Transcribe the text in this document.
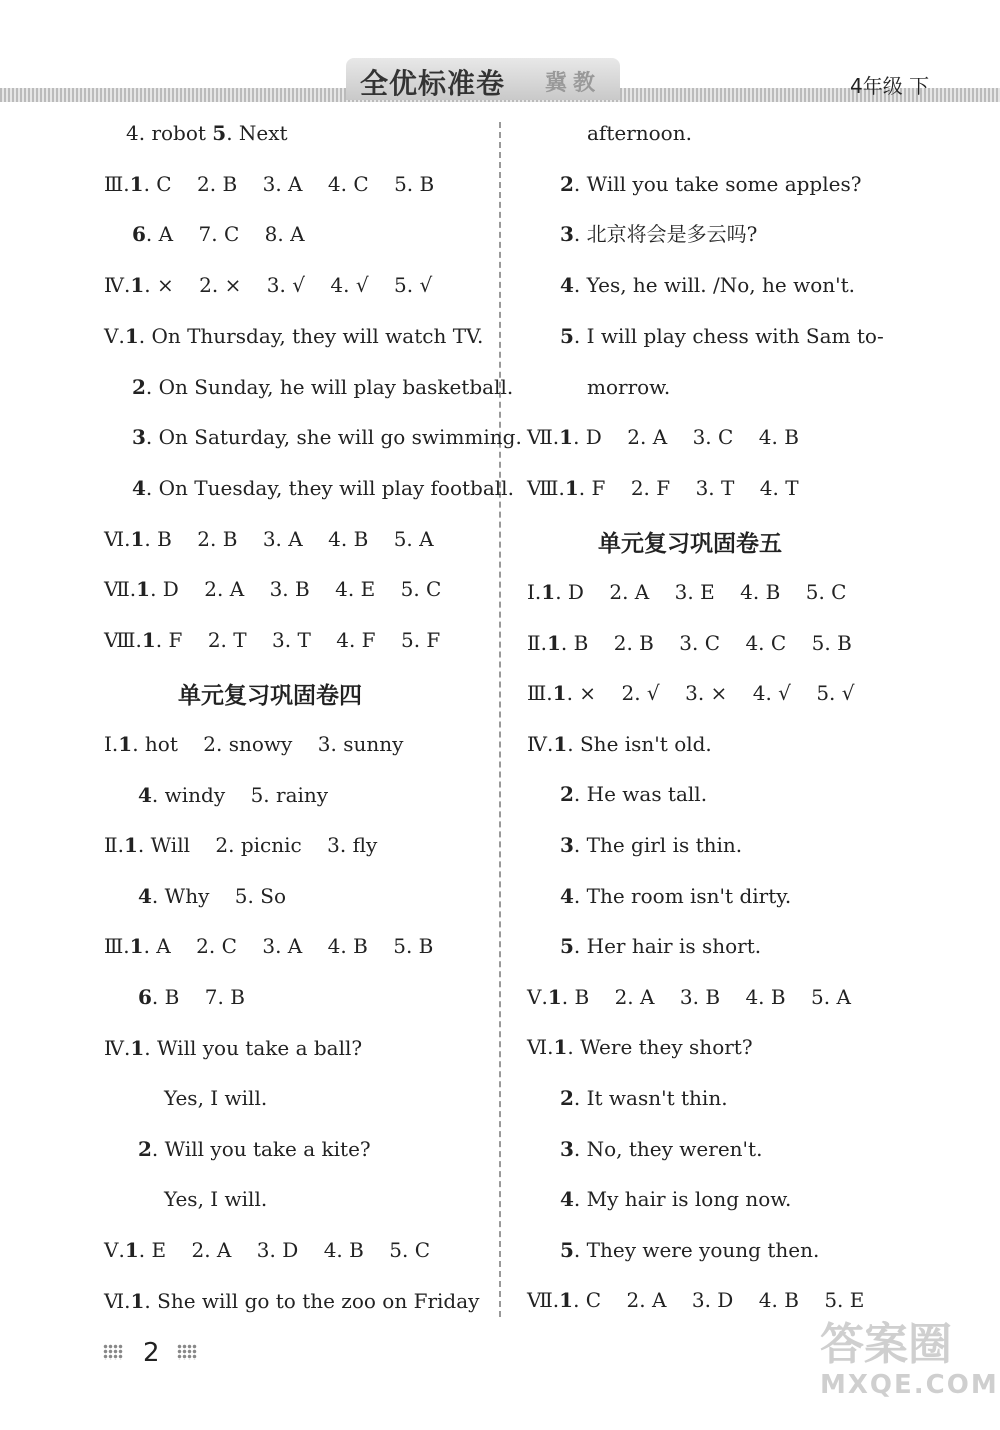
全优标准卷 冀教	4年级 下
4. robot 5. Next
Ⅲ.1. C    2. B    3. A    4. C    5. B
6. A    7. C    8. A
Ⅳ.1. ×    2. ×    3. √    4. √    5. √
Ⅴ.1. On Thursday, they will watch TV.
2. On Sunday, he will play basketball.
3. On Saturday, she will go swimming.
4. On Tuesday, they will play football.
Ⅵ.1. B    2. B    3. A    4. B    5. A
Ⅶ.1. D    2. A    3. B    4. E    5. C
Ⅷ.1. F    2. T    3. T    4. F    5. F
单元复习巩固卷四
Ⅰ.1. hot    2. snowy    3. sunny
4. windy    5. rainy
Ⅱ.1. Will    2. picnic    3. fly
4. Why    5. So
Ⅲ.1. A    2. C    3. A    4. B    5. B
6. B    7. B
Ⅳ.1. Will you take a ball?
Yes, I will.
2. Will you take a kite?
Yes, I will.
Ⅴ.1. E    2. A    3. D    4. B    5. C
Ⅵ.1. She will go to the zoo on Friday
afternoon.
2. Will you take some apples?
3. 北京将会是多云吗?
4. Yes, he will. /No, he won't.
5. I will play chess with Sam to-
morrow.
Ⅶ.1. D    2. A    3. C    4. B
Ⅷ.1. F    2. F    3. T    4. T
单元复习巩固卷五
Ⅰ.1. D    2. A    3. E    4. B    5. C
Ⅱ.1. B    2. B    3. C    4. C    5. B
Ⅲ.1. ×    2. √    3. ×    4. √    5. √
Ⅳ.1. She isn't old.
2. He was tall.
3. The girl is thin.
4. The room isn't dirty.
5. Her hair is short.
Ⅴ.1. B    2. A    3. B    4. B    5. A
Ⅵ.1. Were they short?
2. It wasn't thin.
3. No, they weren't.
4. My hair is long now.
5. They were young then.
Ⅶ.1. C    2. A    3. D    4. B    5. E
2	答案圈
MXQE.COM
